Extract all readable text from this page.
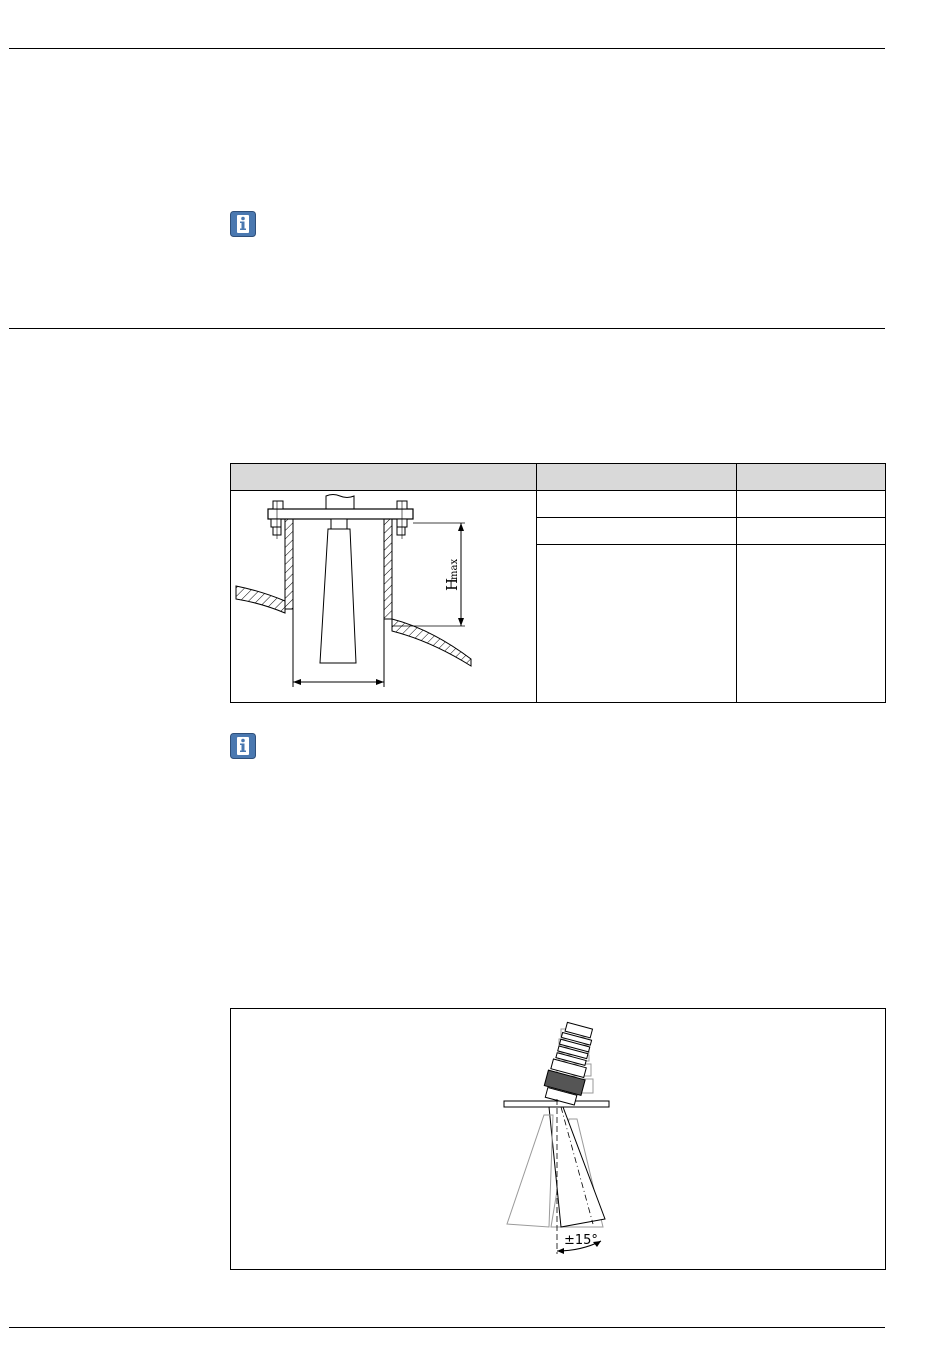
H
max		

±15°
